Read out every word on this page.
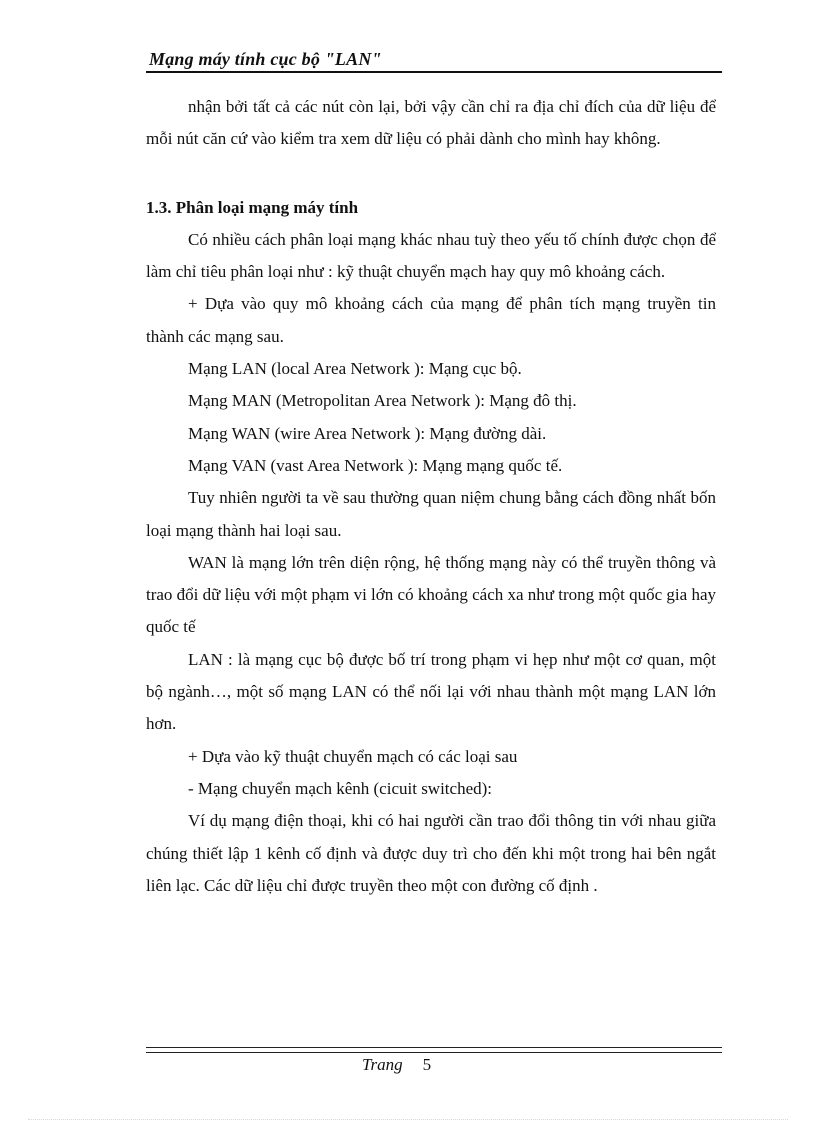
Mạng máy tính cục bộ "LAN"

nhận bởi tất cả các nút còn lại, bởi vậy cần chỉ ra địa chỉ đích của dữ liệu để mỗi nút căn cứ vào kiểm tra xem dữ liệu có phải dành cho mình hay không.

1.3. Phân loại mạng máy tính

Có nhiều cách phân loại mạng khác nhau tuỳ theo yếu tố chính được chọn để làm chỉ tiêu phân loại như : kỹ thuật chuyển mạch hay quy mô khoảng cách.

+ Dựa vào quy mô khoảng cách của mạng để phân tích mạng truyền tin thành các mạng sau.

Mạng LAN (local Area Network ): Mạng cục bộ.

Mạng MAN (Metropolitan Area Network ): Mạng đô thị.

Mạng WAN (wire Area Network ): Mạng đường dài.

Mạng VAN (vast Area Network ): Mạng mạng quốc tế.

Tuy nhiên người ta về sau thường quan niệm chung bằng cách đồng nhất bốn loại mạng thành hai loại sau.

WAN là mạng lớn trên diện rộng, hệ thống mạng này có thể truyền thông và trao đổi dữ liệu với một phạm vi lớn có khoảng cách xa như trong một quốc gia hay quốc tế

LAN : là mạng cục bộ được bố trí trong phạm vi hẹp như một cơ quan, một bộ ngành…, một số mạng LAN có thể nối lại với nhau thành một mạng LAN lớn hơn.

+ Dựa vào kỹ thuật chuyển mạch có các loại sau

- Mạng chuyển mạch kênh (cicuit switched):

Ví dụ mạng điện thoại, khi có hai người cần trao đổi thông tin với nhau giữa chúng thiết lập 1 kênh cố định và được duy trì cho đến khi một trong hai bên ngắt liên lạc. Các dữ liệu chỉ được truyền theo một con đường cố định .

Trang 5
